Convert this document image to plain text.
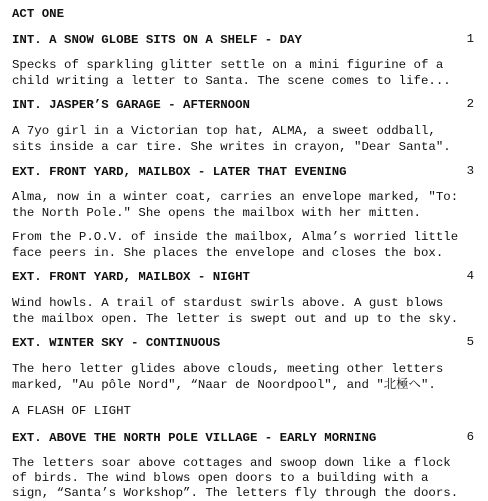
ACT ONE
INT. A SNOW GLOBE SITS ON A SHELF - DAY	1
Specks of sparkling glitter settle on a mini figurine of a
child writing a letter to Santa. The scene comes to life...
INT. JASPER’S GARAGE - AFTERNOON	2
A 7yo girl in a Victorian top hat, ALMA, a sweet oddball,
sits inside a car tire. She writes in crayon, "Dear Santa".
EXT. FRONT YARD, MAILBOX - LATER THAT EVENING	3
Alma, now in a winter coat, carries an envelope marked, "To:
the North Pole." She opens the mailbox with her mitten.
From the P.O.V. of inside the mailbox, Alma’s worried little
face peers in. She places the envelope and closes the box.
EXT. FRONT YARD, MAILBOX - NIGHT	4
Wind howls. A trail of stardust swirls above. A gust blows
the mailbox open. The letter is swept out and up to the sky.
EXT. WINTER SKY - CONTINUOUS	5
The hero letter glides above clouds, meeting other letters
marked, "Au pôle Nord", “Naar de Noordpool", and "北極へ".
A FLASH OF LIGHT
EXT. ABOVE THE NORTH POLE VILLAGE - EARLY MORNING	6
The letters soar above cottages and swoop down like a flock
of birds. The wind blows open doors to a building with a
sign, “Santa’s Workshop”. The letters fly through the doors.
